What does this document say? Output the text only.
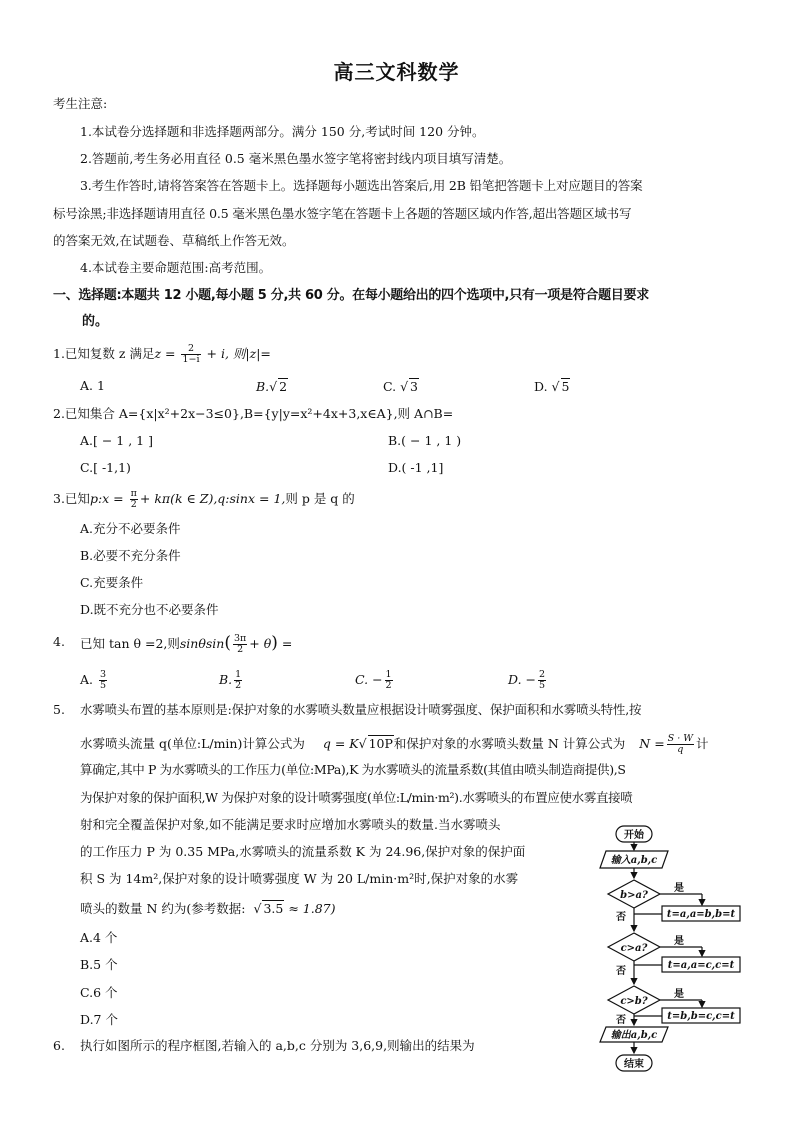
高三文科数学
考生注意:
1.本试卷分选择题和非选择题两部分。满分 150 分,考试时间 120 分钟。
2.答题前,考生务必用直径 0.5 毫米黑色墨水签字笔将密封线内项目填写清楚。
3.考生作答时,请将答案答在答题卡上。选择题每小题选出答案后,用 2B 铅笔把答题卡上对应题目的答案
标号涂黑;非选择题请用直径 0.5 毫米黑色墨水签字笔在答题卡上各题的答题区域内作答,超出答题区域书写
的答案无效,在试题卷、草稿纸上作答无效。
4.本试卷主要命题范围:高考范围。
一、选择题:本题共 12 小题,每小题 5 分,共 60 分。在每小题给出的四个选项中,只有一项是符合题目要求
的。
1.已知复数 z 满足$z = \frac{2}{1-i} + i$, 则|z|=
A. 1	B.√ 2	C. √ 3	D. √ 5
2.已知集合 A={x|x²+2x−3≤0},B={y|y=x²+4x+3,x∈A},则 A∩B=
A.[ − 1 , 1 ]	B.( − 1 , 1 )
C.[ -1,1)	D.( -1 ,1]
3.已知p:x = $\frac{\pi}{2} + k\pi(k$ ∈ Z),q:sinx = 1,则 p 是 q 的
A.充分不必要条件
B.必要不充分条件
C.充要条件
D.既不充分也不必要条件
4. 已知 tan θ =2,则$\sin\theta\sin( \frac{3\pi}{2} + \theta)$ =
A. $\frac{3}{5}$	B. $\frac{1}{2}$	C. − $\frac{1}{2}$	D. − $\frac{2}{5}$
5. 水雾喷头布置的基本原则是:保护对象的水雾喷头数量应根据设计喷雾强度、保护面积和水雾喷头特性,按
水雾喷头流量 q(单位:L/min)计算公式为 q = K√ 10P和保护对象的水雾喷头数量 N 计算公式为 $N = \frac{S \cdot W}{q}$ 计
算确定,其中 P 为水雾喷头的工作压力(单位:MPa),K 为水雾喷头的流量系数(其值由喷头制造商提供),S
为保护对象的保护面积,W 为保护对象的设计喷雾强度(单位:L/min·m²).水雾喷头的布置应使水雾直接喷
射和完全覆盖保护对象,如不能满足要求时应增加水雾喷头的数量.当水雾喷头
的工作压力 P 为 0.35 MPa,水雾喷头的流量系数 K 为 24.96,保护对象的保护面
积 S 为 14m²,保护对象的设计喷雾强度 W 为 20 L/min·m²时,保护对象的水雾
喷头的数量 N 约为(参考数据: √ 3.5 ≈ 1.87)
A.4 个
B.5 个
C.6 个
D.7 个
6. 执行如图所示的程序框图,若输入的 a,b,c 分别为 3,6,9,则输出的结果为
开始
输入a,b,c
b>a?
是
t=a,a=b,b=t
否
c>a?
是
t=a,a=c,c=t
否
c>b?
是
t=b,b=c,c=t
否
输出a,b,c
结束
